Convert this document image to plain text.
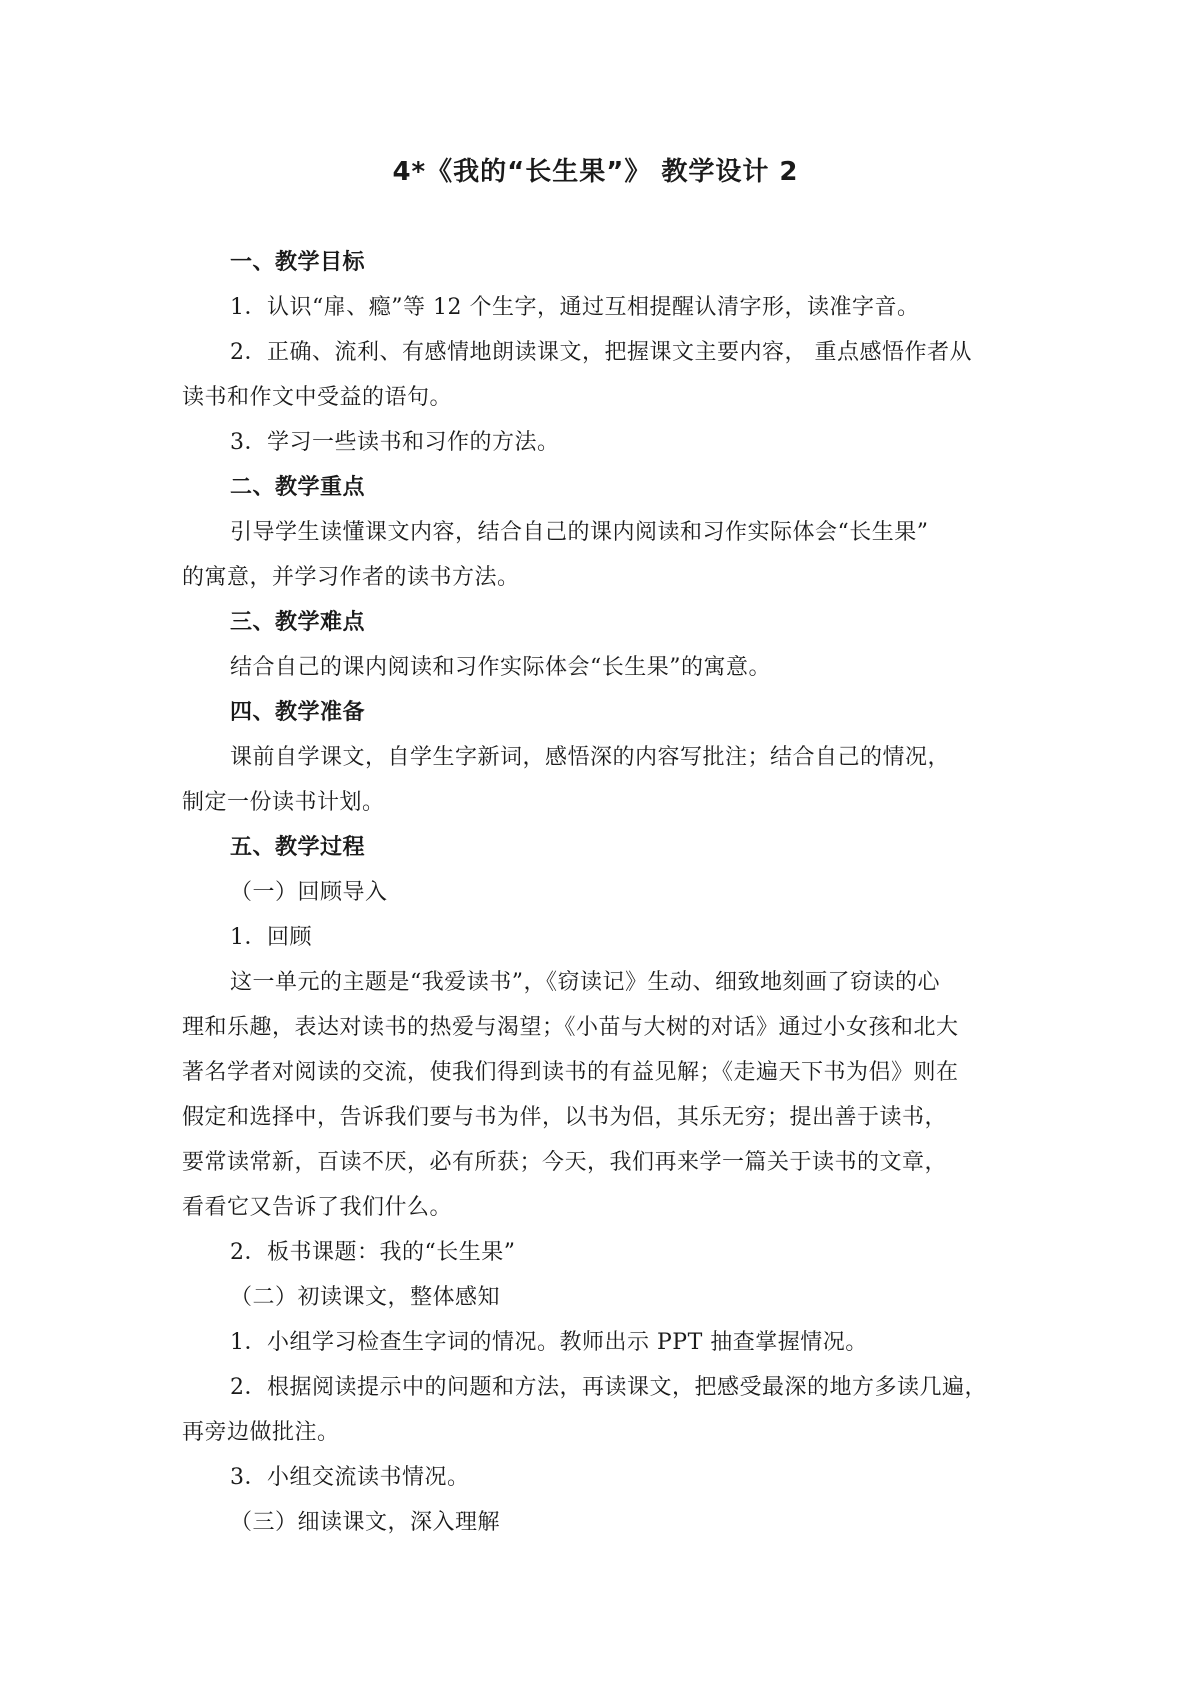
4*《我的“长生果”》 教学设计 2
一、教学目标
1．认识“扉、瘾”等 12 个生字，通过互相提醒认清字形，读准字音。
2．正确、流利、有感情地朗读课文，把握课文主要内容， 重点感悟作者从
读书和作文中受益的语句。
3．学习一些读书和习作的方法。
二、教学重点
引导学生读懂课文内容，结合自己的课内阅读和习作实际体会“长生果”
的寓意，并学习作者的读书方法。
三、教学难点
结合自己的课内阅读和习作实际体会“长生果”的寓意。
四、教学准备
课前自学课文，自学生字新词，感悟深的内容写批注；结合自己的情况，
制定一份读书计划。
五、教学过程
（一）回顾导入
1．回顾
这一单元的主题是“我爱读书”，《窃读记》生动、细致地刻画了窃读的心
理和乐趣，表达对读书的热爱与渴望；《小苗与大树的对话》通过小女孩和北大
著名学者对阅读的交流，使我们得到读书的有益见解；《走遍天下书为侣》则在
假定和选择中，告诉我们要与书为伴，以书为侣，其乐无穷；提出善于读书，
要常读常新，百读不厌，必有所获；今天，我们再来学一篇关于读书的文章，
看看它又告诉了我们什么。
2．板书课题：我的“长生果”
（二）初读课文，整体感知
1．小组学习检查生字词的情况。教师出示 PPT 抽查掌握情况。
2．根据阅读提示中的问题和方法，再读课文，把感受最深的地方多读几遍，
再旁边做批注。
3．小组交流读书情况。
（三）细读课文，深入理解
